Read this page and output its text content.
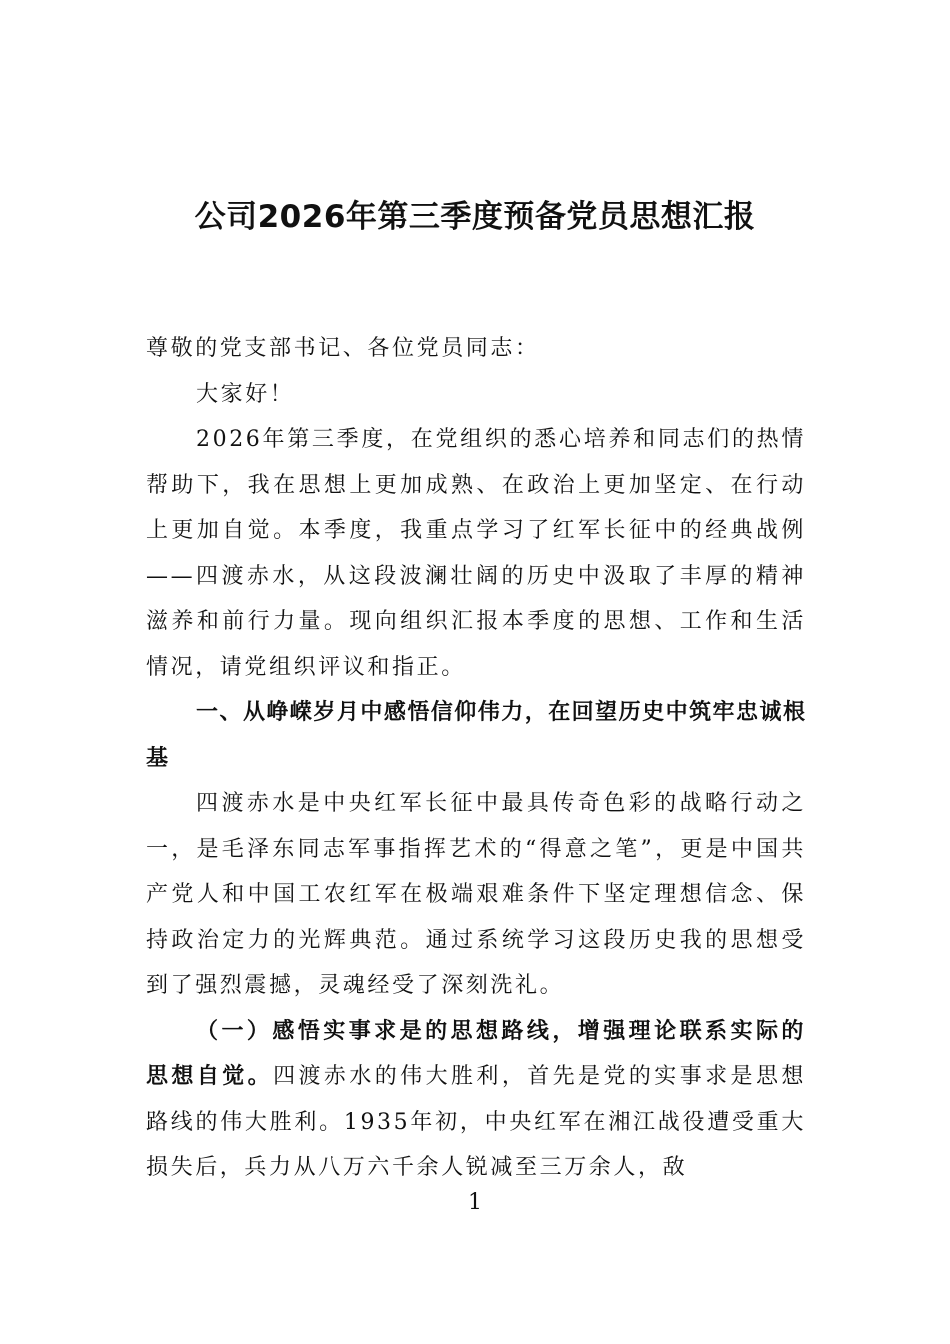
公司2026年第三季度预备党员思想汇报

尊敬的党支部书记、各位党员同志：

大家好！

2026年第三季度，在党组织的悉心培养和同志们的热情帮助下，我在思想上更加成熟、在政治上更加坚定、在行动上更加自觉。本季度，我重点学习了红军长征中的经典战例——四渡赤水，从这段波澜壮阔的历史中汲取了丰厚的精神滋养和前行力量。现向组织汇报本季度的思想、工作和生活情况，请党组织评议和指正。

一、从峥嵘岁月中感悟信仰伟力，在回望历史中筑牢忠诚根基

四渡赤水是中央红军长征中最具传奇色彩的战略行动之一，是毛泽东同志军事指挥艺术的“得意之笔”，更是中国共产党人和中国工农红军在极端艰难条件下坚定理想信念、保持政治定力的光辉典范。通过系统学习这段历史我的思想受到了强烈震撼，灵魂经受了深刻洗礼。

（一）感悟实事求是的思想路线，增强理论联系实际的思想自觉。四渡赤水的伟大胜利，首先是党的实事求是思想路线的伟大胜利。1935年初，中央红军在湘江战役遭受重大损失后，兵力从八万六千余人锐减至三万余人，敌

1
